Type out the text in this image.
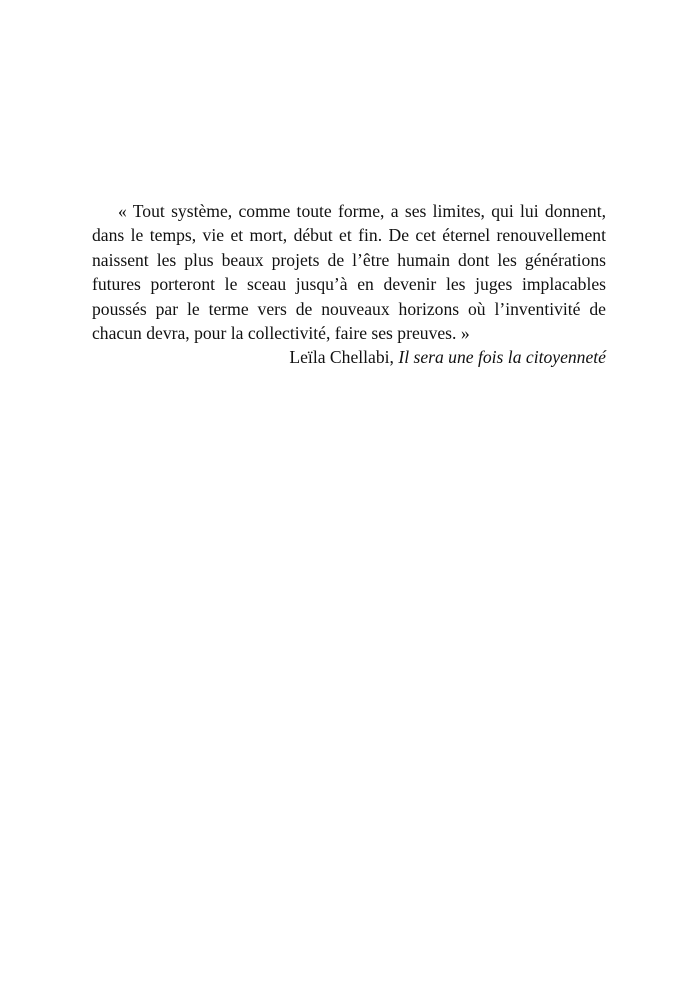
« Tout système, comme toute forme, a ses limites, qui lui donnent, dans le temps, vie et mort, début et fin. De cet éternel renouvellement naissent les plus beaux projets de l’être humain dont les générations futures porteront le sceau jusqu’à en devenir les juges implacables poussés par le terme vers de nouveaux horizons où l’inventivité de chacun devra, pour la collectivité, faire ses preuves. »

Leïla Chellabi, Il sera une fois la citoyenneté
